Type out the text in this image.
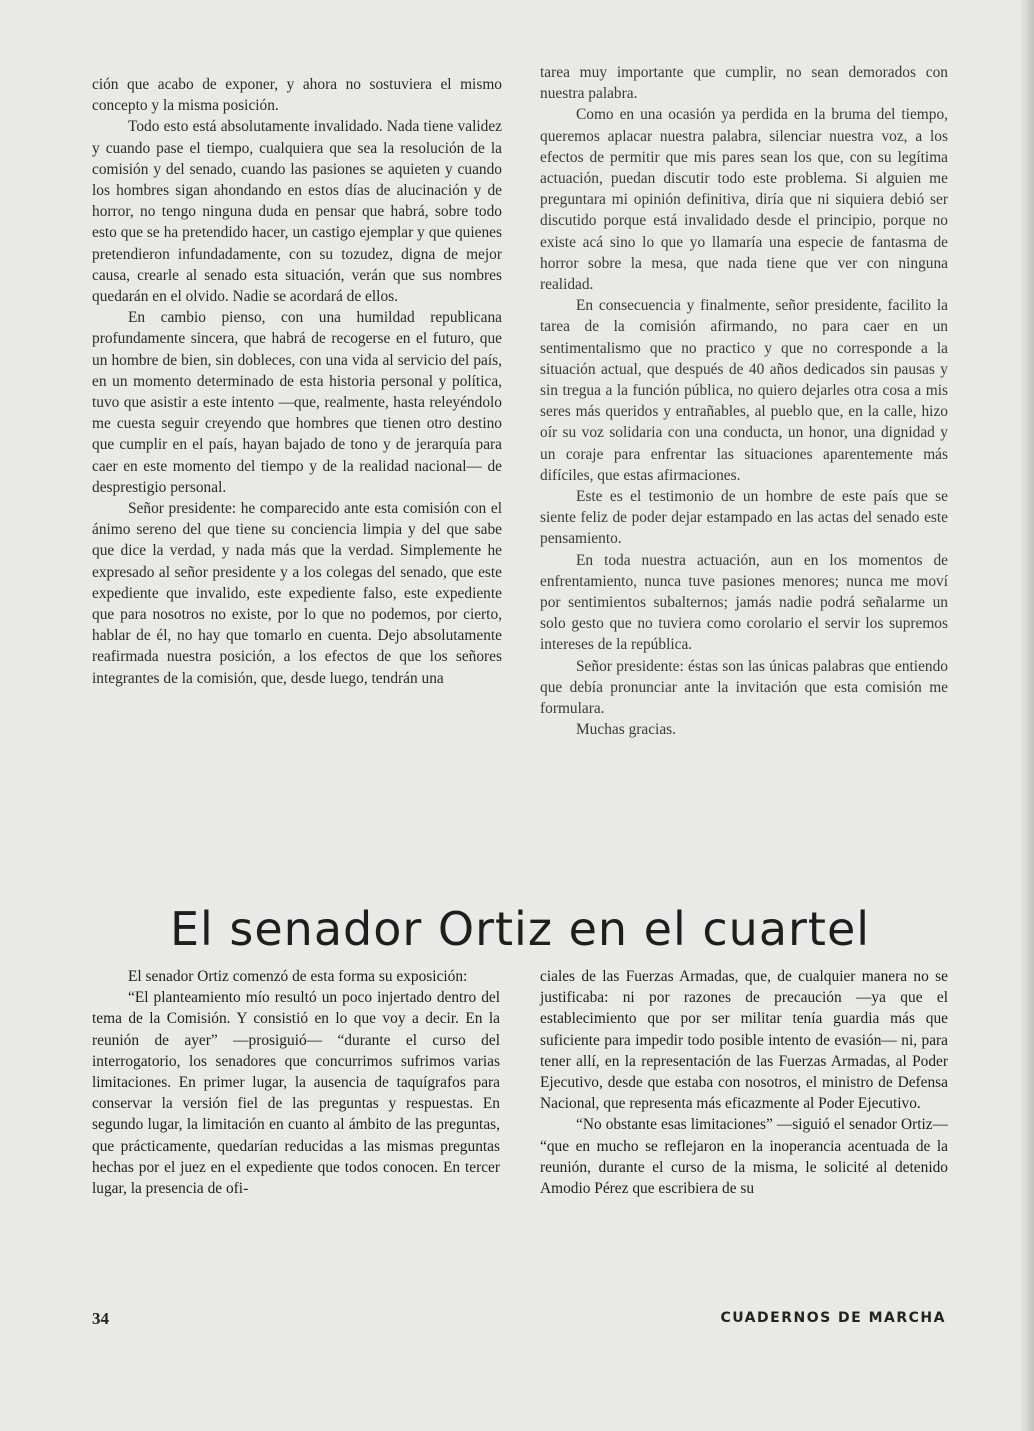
ción que acabo de exponer, y ahora no sostuviera el mismo concepto y la misma posición.

Todo esto está absolutamente invalidado. Nada tiene validez y cuando pase el tiempo, cualquiera que sea la resolución de la comisión y del senado, cuando las pasiones se aquieten y cuando los hombres sigan ahondando en estos días de alucinación y de horror, no tengo ninguna duda en pensar que habrá, sobre todo esto que se ha pretendido hacer, un castigo ejemplar y que quienes pretendieron infundadamente, con su tozudez, digna de mejor causa, crearle al senado esta situación, verán que sus nombres quedarán en el olvido. Nadie se acordará de ellos.

En cambio pienso, con una humildad republicana profundamente sincera, que habrá de recogerse en el futuro, que un hombre de bien, sin dobleces, con una vida al servicio del país, en un momento determinado de esta historia personal y política, tuvo que asistir a este intento —que, realmente, hasta releyéndolo me cuesta seguir creyendo que hombres que tienen otro destino que cumplir en el país, hayan bajado de tono y de jerarquía para caer en este momento del tiempo y de la realidad nacional— de desprestigio personal.

Señor presidente: he comparecido ante esta comisión con el ánimo sereno del que tiene su conciencia limpia y del que sabe que dice la verdad, y nada más que la verdad. Simplemente he expresado al señor presidente y a los colegas del senado, que este expediente que invalido, este expediente falso, este expediente que para nosotros no existe, por lo que no podemos, por cierto, hablar de él, no hay que tomarlo en cuenta. Dejo absolutamente reafirmada nuestra posición, a los efectos de que los señores integrantes de la comisión, que, desde luego, tendrán una

tarea muy importante que cumplir, no sean demorados con nuestra palabra.

Como en una ocasión ya perdida en la bruma del tiempo, queremos aplacar nuestra palabra, silenciar nuestra voz, a los efectos de permitir que mis pares sean los que, con su legítima actuación, puedan discutir todo este problema. Si alguien me preguntara mi opinión definitiva, diría que ni siquiera debió ser discutido porque está invalidado desde el principio, porque no existe acá sino lo que yo llamaría una especie de fantasma de horror sobre la mesa, que nada tiene que ver con ninguna realidad.

En consecuencia y finalmente, señor presidente, facilito la tarea de la comisión afirmando, no para caer en un sentimentalismo que no practico y que no corresponde a la situación actual, que después de 40 años dedicados sin pausas y sin tregua a la función pública, no quiero dejarles otra cosa a mis seres más queridos y entrañables, al pueblo que, en la calle, hizo oír su voz solidaria con una conducta, un honor, una dignidad y un coraje para enfrentar las situaciones aparentemente más difíciles, que estas afirmaciones.

Este es el testimonio de un hombre de este país que se siente feliz de poder dejar estampado en las actas del senado este pensamiento.

En toda nuestra actuación, aun en los momentos de enfrentamiento, nunca tuve pasiones menores; nunca me moví por sentimientos subalternos; jamás nadie podrá señalarme un solo gesto que no tuviera como corolario el servir los supremos intereses de la república.

Señor presidente: éstas son las únicas palabras que entiendo que debía pronunciar ante la invitación que esta comisión me formulara.

Muchas gracias.

El senador Ortiz en el cuartel

El senador Ortiz comenzó de esta forma su exposición:

“El planteamiento mío resultó un poco injertado dentro del tema de la Comisión. Y consistió en lo que voy a decir. En la reunión de ayer” —prosiguió— “durante el curso del interrogatorio, los senadores que concurrimos sufrimos varias limitaciones. En primer lugar, la ausencia de taquígrafos para conservar la versión fiel de las preguntas y respuestas. En segundo lugar, la limitación en cuanto al ámbito de las preguntas, que prácticamente, quedarían reducidas a las mismas preguntas hechas por el juez en el expediente que todos conocen. En tercer lugar, la presencia de ofi-

ciales de las Fuerzas Armadas, que, de cualquier manera no se justificaba: ni por razones de precaución —ya que el establecimiento que por ser militar tenía guardia más que suficiente para impedir todo posible intento de evasión— ni, para tener allí, en la representación de las Fuerzas Armadas, al Poder Ejecutivo, desde que estaba con nosotros, el ministro de Defensa Nacional, que representa más eficazmente al Poder Ejecutivo.

“No obstante esas limitaciones” —siguió el senador Ortiz— “que en mucho se reflejaron en la inoperancia acentuada de la reunión, durante el curso de la misma, le solicité al detenido Amodio Pérez que escribiera de su

34	CUADERNOS DE MARCHA
